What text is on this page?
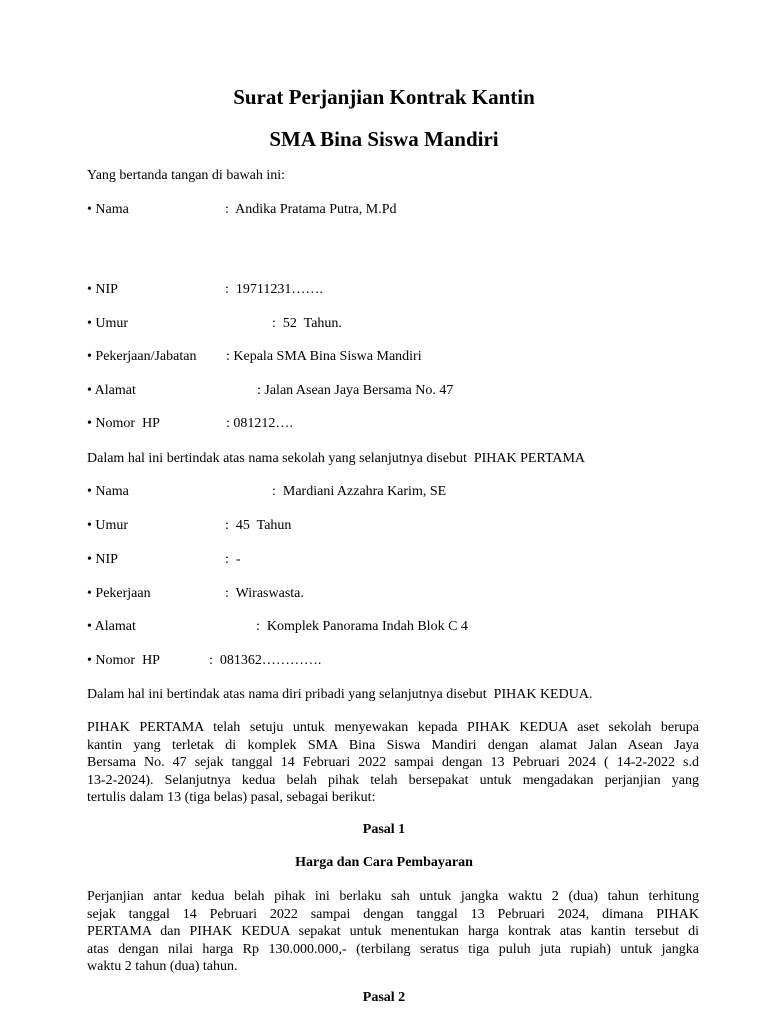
Surat Perjanjian Kontrak Kantin
SMA Bina Siswa Mandiri
Yang bertanda tangan di bawah ini:
• Nama	:  Andika Pratama Putra, M.Pd
• NIP	:  19711231…….
• Umur	:  52  Tahun.
• Pekerjaan/Jabatan : Kepala SMA Bina Siswa Mandiri
• Alamat	: Jalan Asean Jaya Bersama No. 47
• Nomor  HP	: 081212….
Dalam hal ini bertindak atas nama sekolah yang selanjutnya disebut  PIHAK PERTAMA
• Nama	:  Mardiani Azzahra Karim, SE
• Umur	:  45  Tahun
• NIP	:  -
• Pekerjaan	:  Wiraswasta.
• Alamat	:  Komplek Panorama Indah Blok C 4
• Nomor  HP	:  081362………….
Dalam hal ini bertindak atas nama diri pribadi yang selanjutnya disebut  PIHAK KEDUA.
PIHAK PERTAMA telah setuju untuk menyewakan kepada PIHAK KEDUA aset sekolah berupa
kantin yang terletak di komplek SMA Bina Siswa Mandiri dengan alamat Jalan Asean Jaya
Bersama No. 47 sejak tanggal 14 Februari 2022 sampai dengan 13 Pebruari 2024 ( 14-2-2022 s.d
13-2-2024). Selanjutnya kedua belah pihak telah bersepakat untuk mengadakan perjanjian yang
tertulis dalam 13 (tiga belas) pasal, sebagai berikut:
Pasal 1
Harga dan Cara Pembayaran
Perjanjian antar kedua belah pihak ini berlaku sah untuk jangka waktu 2 (dua) tahun terhitung
sejak tanggal 14 Pebruari 2022 sampai dengan tanggal 13 Pebruari 2024, dimana PIHAK
PERTAMA dan PIHAK KEDUA sepakat untuk menentukan harga kontrak atas kantin tersebut di
atas dengan nilai harga Rp 130.000.000,- (terbilang seratus tiga puluh juta rupiah) untuk jangka
waktu 2 tahun (dua) tahun.
Pasal 2
